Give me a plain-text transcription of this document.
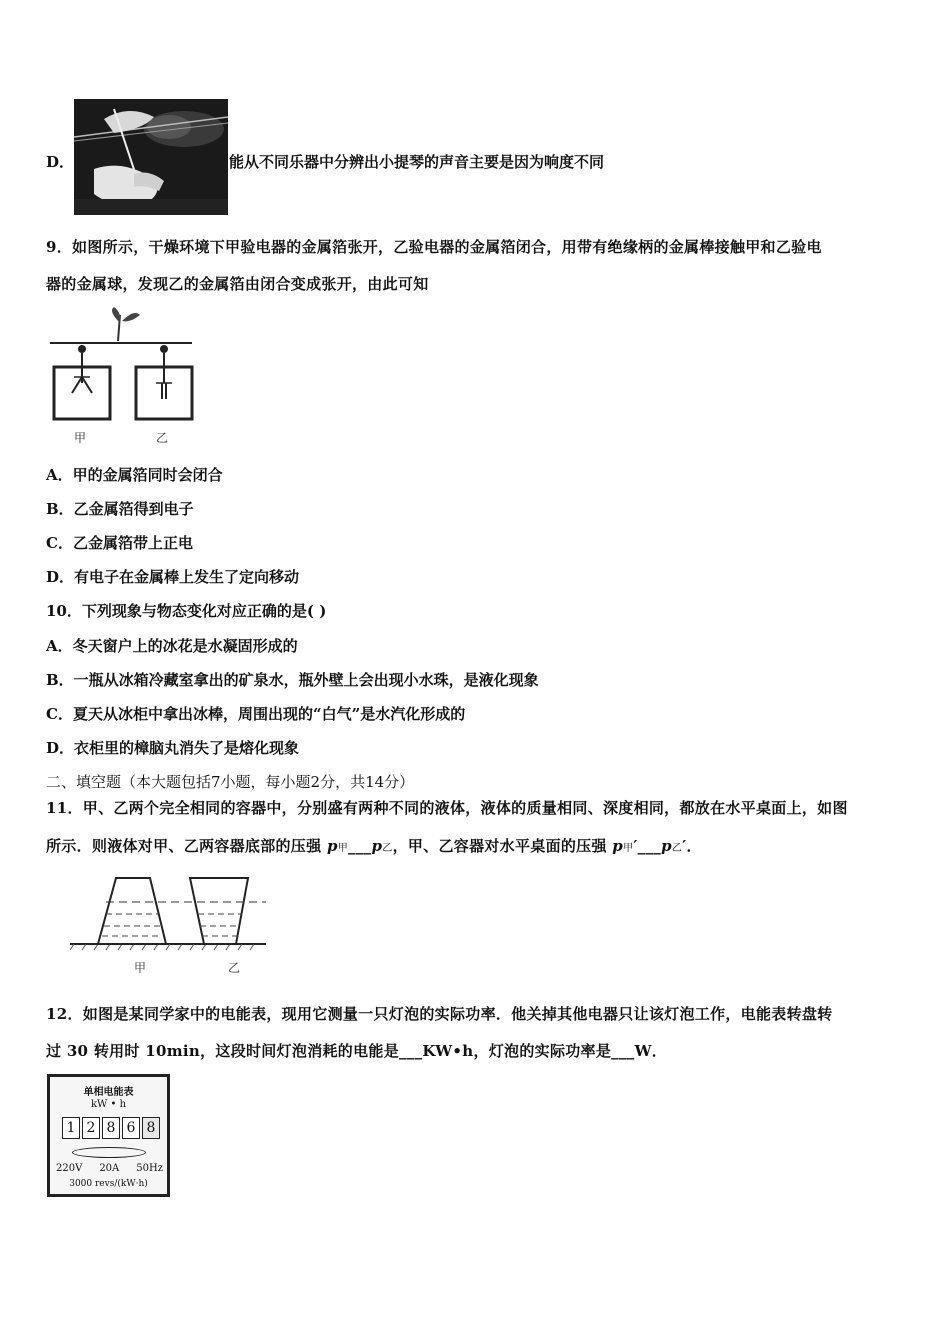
D．	能从不同乐器中分辨出小提琴的声音主要是因为响度不同
9．如图所示，干燥环境下甲验电器的金属箔张开，乙验电器的金属箔闭合，用带有绝缘柄的金属棒接触甲和乙验电
器的金属球，发现乙的金属箔由闭合变成张开，由此可知
甲	乙
A．甲的金属箔同时会闭合
B．乙金属箔得到电子
C．乙金属箔带上正电
D．有电子在金属棒上发生了定向移动
10．下列现象与物态变化对应正确的是( )
A．冬天窗户上的冰花是水凝固形成的
B．一瓶从冰箱冷藏室拿出的矿泉水，瓶外壁上会出现小水珠，是液化现象
C．夏天从冰柜中拿出冰棒，周围出现的“白气”是水汽化形成的
D．衣柜里的樟脑丸消失了是熔化现象
二、填空题（本大题包括7小题，每小题2分，共14分）
11．甲、乙两个完全相同的容器中，分别盛有两种不同的液体，液体的质量相同、深度相同，都放在水平桌面上，如图
所示．则液体对甲、乙两容器底部的压强 p甲___p乙，甲、乙容器对水平桌面的压强 p甲′___p乙′．
甲	乙
12．如图是某同学家中的电能表，现用它测量一只灯泡的实际功率．他关掉其他电器只让该灯泡工作，电能表转盘转
过 30 转用时 10min，这段时间灯泡消耗的电能是___KW•h，灯泡的实际功率是___W．
单相电能表
kW • h
1 2 8 6 8
220V 20A 50Hz
3000 revs/(kW·h)
